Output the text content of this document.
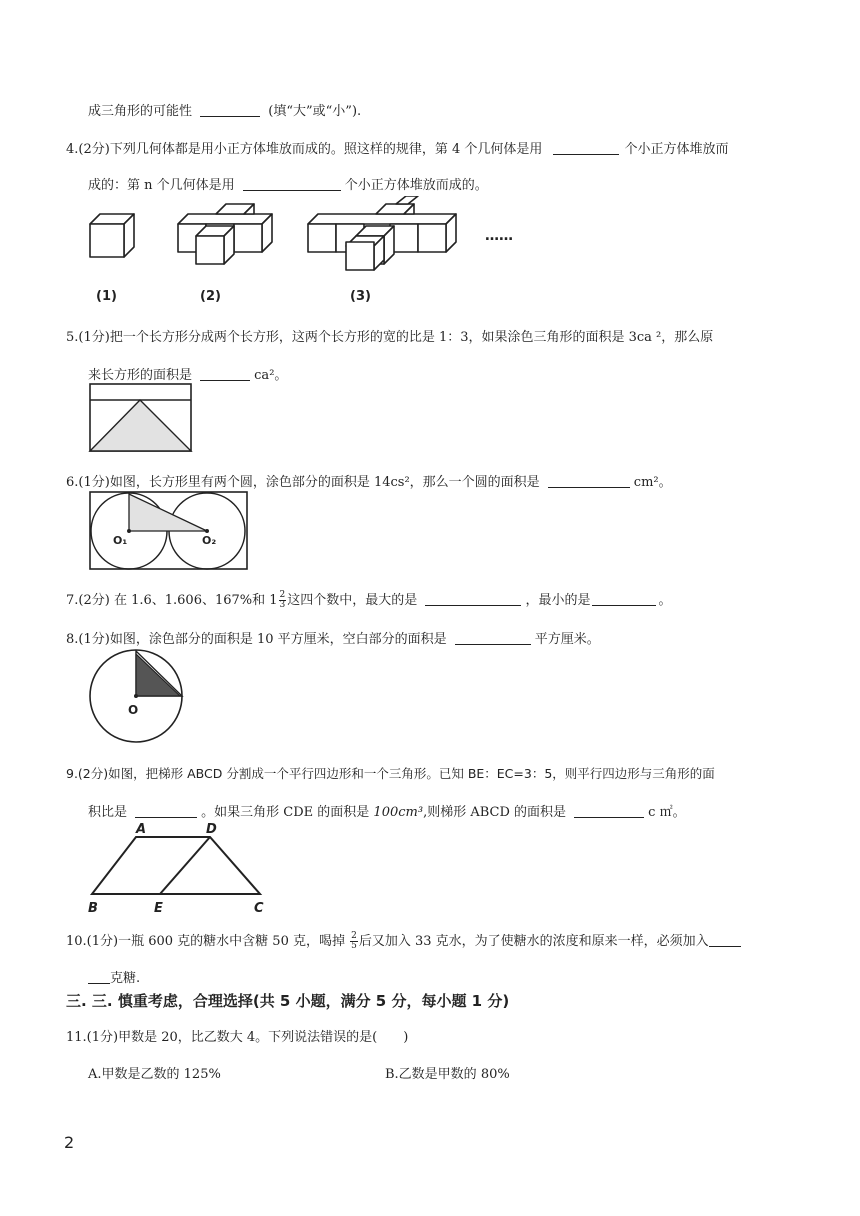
成三角形的可能性	(填“大”或“小”).
4.(2分)下列几何体都是用小正方体堆放而成的。照这样的规律，第 4 个几何体是用	个小正方体堆放而
成的：第 n 个几何体是用	个小正方体堆放而成的。
……
(1)	(2)	(3)
5.(1分)把一个长方形分成两个长方形，这两个长方形的宽的比是 1：3，如果涂色三角形的面积是 3ca ²，那么原
来长方形的面积是	ca²。
6.(1分)如图，长方形里有两个圆，涂色部分的面积是 14cs²，那么一个圆的面积是	cm²。
O₁	O₂
7.(2分) 在 1.6、1.606、167%和 $1 \frac{2}{3}$ 这四个数中，最大的是	，最小的是	。
8.(1分)如图，涂色部分的面积是 10 平方厘米，空白部分的面积是	平方厘米。
O
9.(2分)如图，把梯形 ABCD 分割成一个平行四边形和一个三角形。已知 BE：EC=3：5，则平行四边形与三角形的面
积比是	。如果三角形 CDE 的面积是 100cm³,则梯形 ABCD 的面积是	c ㎡。
A	D
B	E	C
10.(1分)一瓶 600 克的糖水中含糖 50 克，喝掉 $\frac{2}{5}$ 后又加入 33 克水，为了使糖水的浓度和原来一样，必须加入
克糖.
三. 三. 慎重考虑，合理选择(共 5 小题，满分 5 分，每小题 1 分)
11.(1分)甲数是 20，比乙数大 4。下列说法错误的是(　　)
A.甲数是乙数的 125%	B.乙数是甲数的 80%
2
